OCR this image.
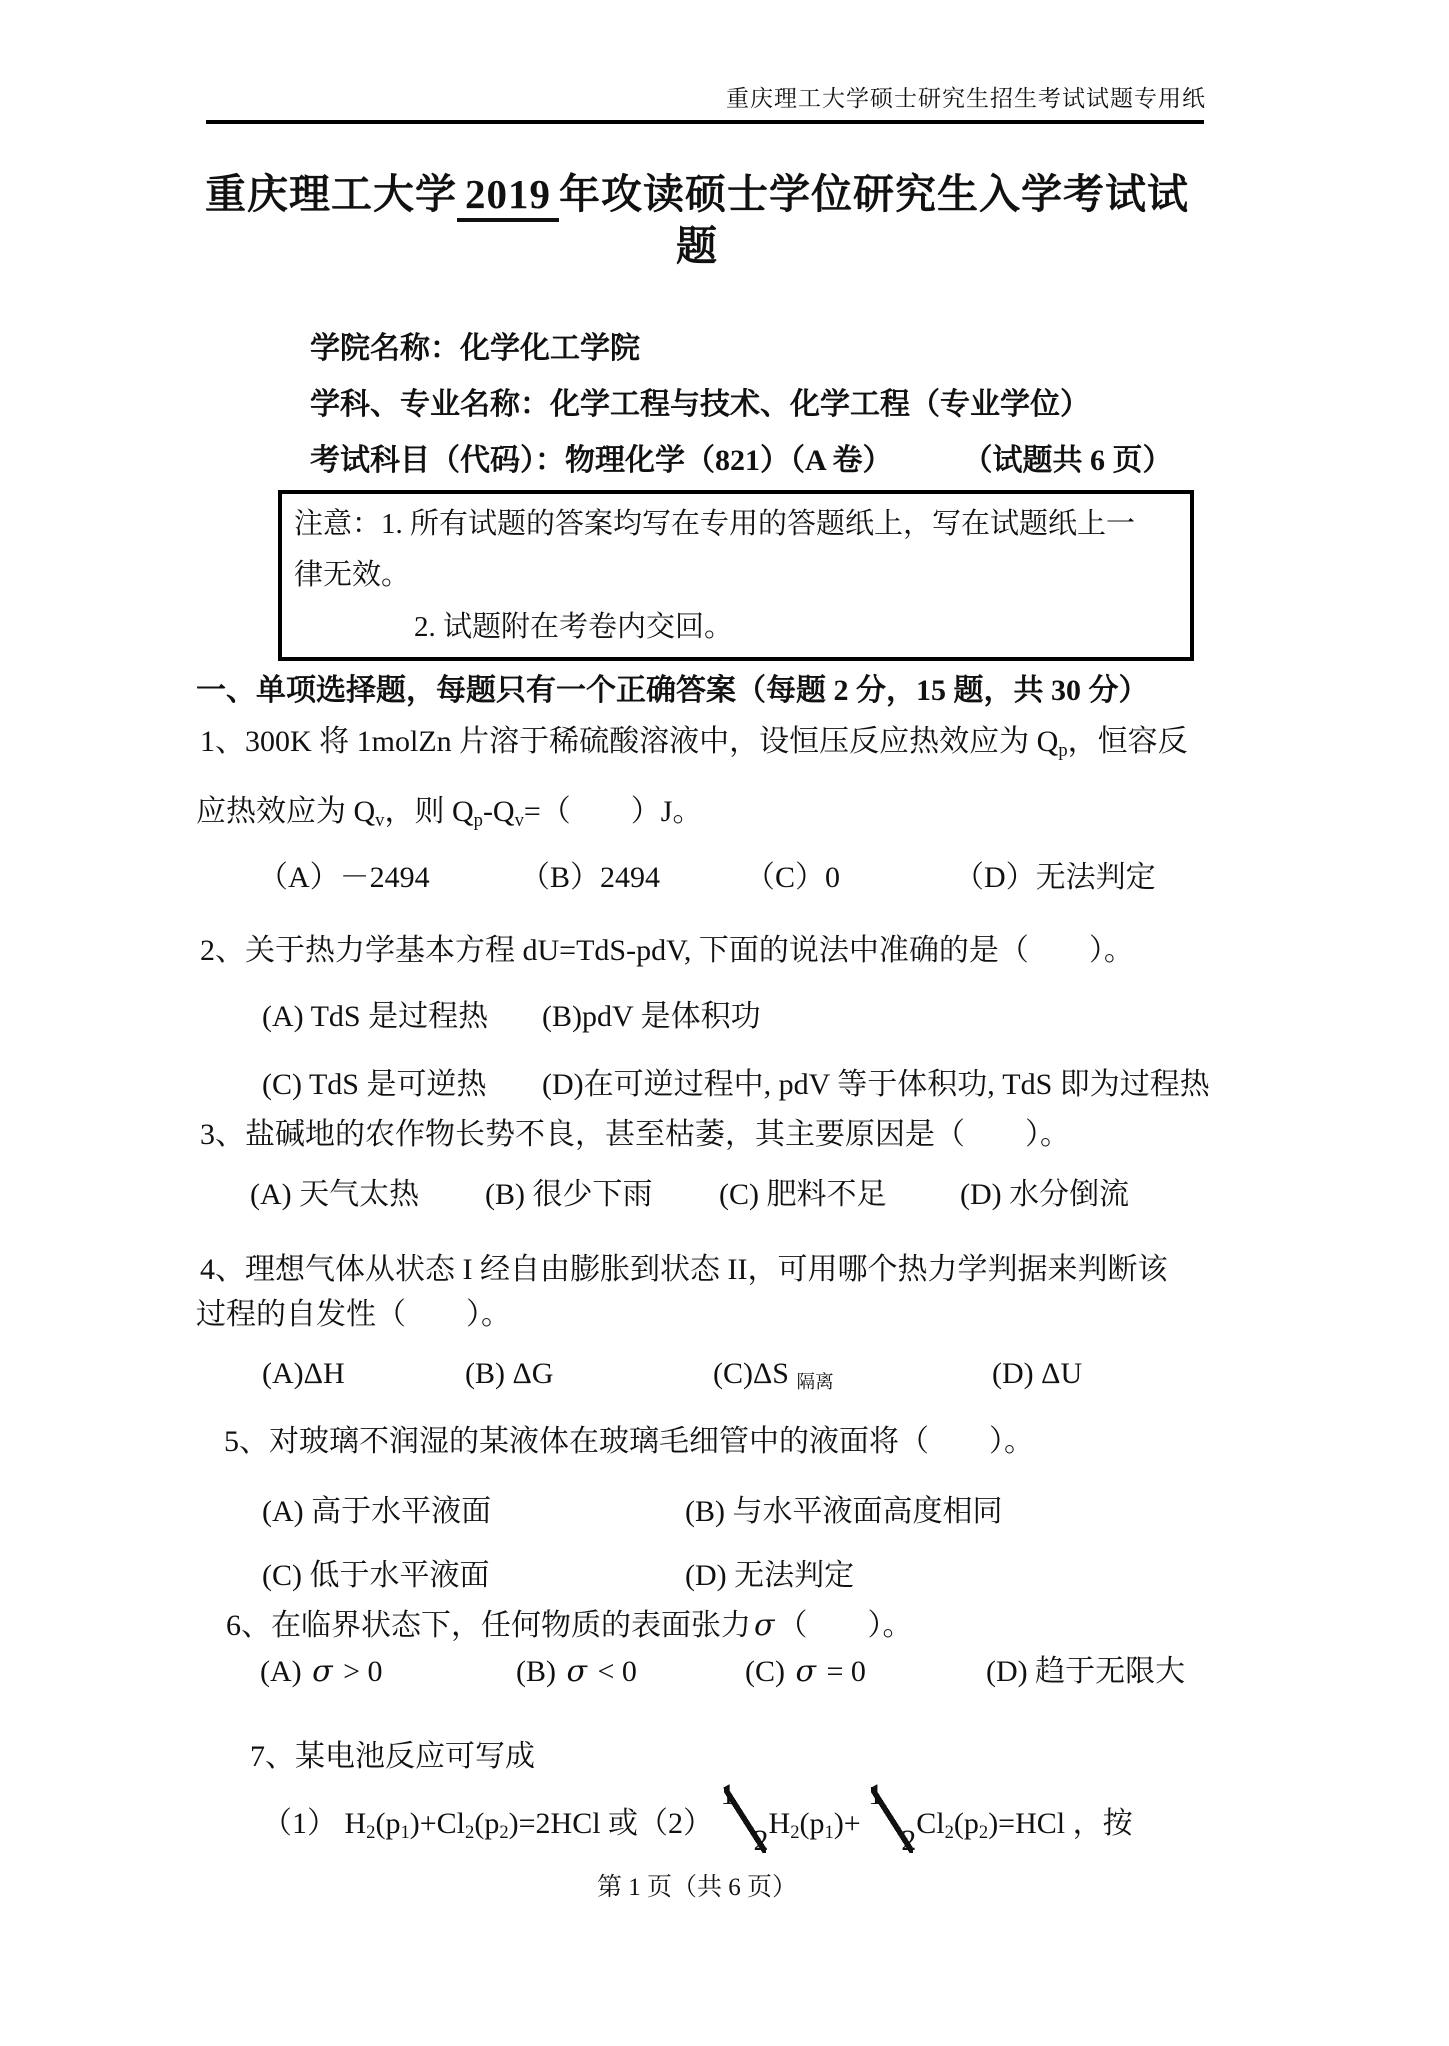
重庆理工大学硕士研究生招生考试试题专用纸
重庆理工大学 2019 年攻读硕士学位研究生入学考试试题
学院名称：化学化工学院
学科、专业名称：化学工程与技术、化学工程（专业学位）
考试科目（代码）：物理化学（821）（A 卷） （试题共 6 页）
注意：1. 所有试题的答案均写在专用的答题纸上，写在试题纸上一
律无效。
2. 试题附在考卷内交回。
一、单项选择题，每题只有一个正确答案（每题 2 分，15 题，共 30 分）
1、300K 将 1molZn 片溶于稀硫酸溶液中，设恒压反应热效应为 $Q_p$，恒容反
应热效应为 $Q_v$，则 $Q_p-Q_v=$（　　）J。
（A）－2494	（B）2494	（C）0	（D）无法判定
2、关于热力学基本方程 dU=TdS-pdV, 下面的说法中准确的是（　　）。
(A) TdS 是过程热 (B)pdV 是体积功
(C) TdS 是可逆热 (D)在可逆过程中, pdV 等于体积功, TdS 即为过程热
3、盐碱地的农作物长势不良，甚至枯萎，其主要原因是（　　）。
(A) 天气太热 (B) 很少下雨 (C) 肥料不足 (D) 水分倒流
4、理想气体从状态 I 经自由膨胀到状态 II，可用哪个热力学判据来判断该
过程的自发性（　　）。
(A)ΔH	(B) ΔG	(C)ΔS $_{隔离}$	(D) ΔU
5、对玻璃不润湿的某液体在玻璃毛细管中的液面将（　　）。
(A) 高于水平液面	(B) 与水平液面高度相同
(C) 低于水平液面	(D) 无法判定
6、在临界状态下，任何物质的表面张力 σ （　　）。
(A) σ > 0	(B) σ < 0	(C) σ = 0	(D) 趋于无限大
7、某电池反应可写成
（1） $H_2(p_1)+Cl_2(p_2)=2HCl$ 或（2）
1
2
$H_2(p_1)+$
1
2
$Cl_2(p_2)=HCl$ ，按
第 1 页（共 6 页）
